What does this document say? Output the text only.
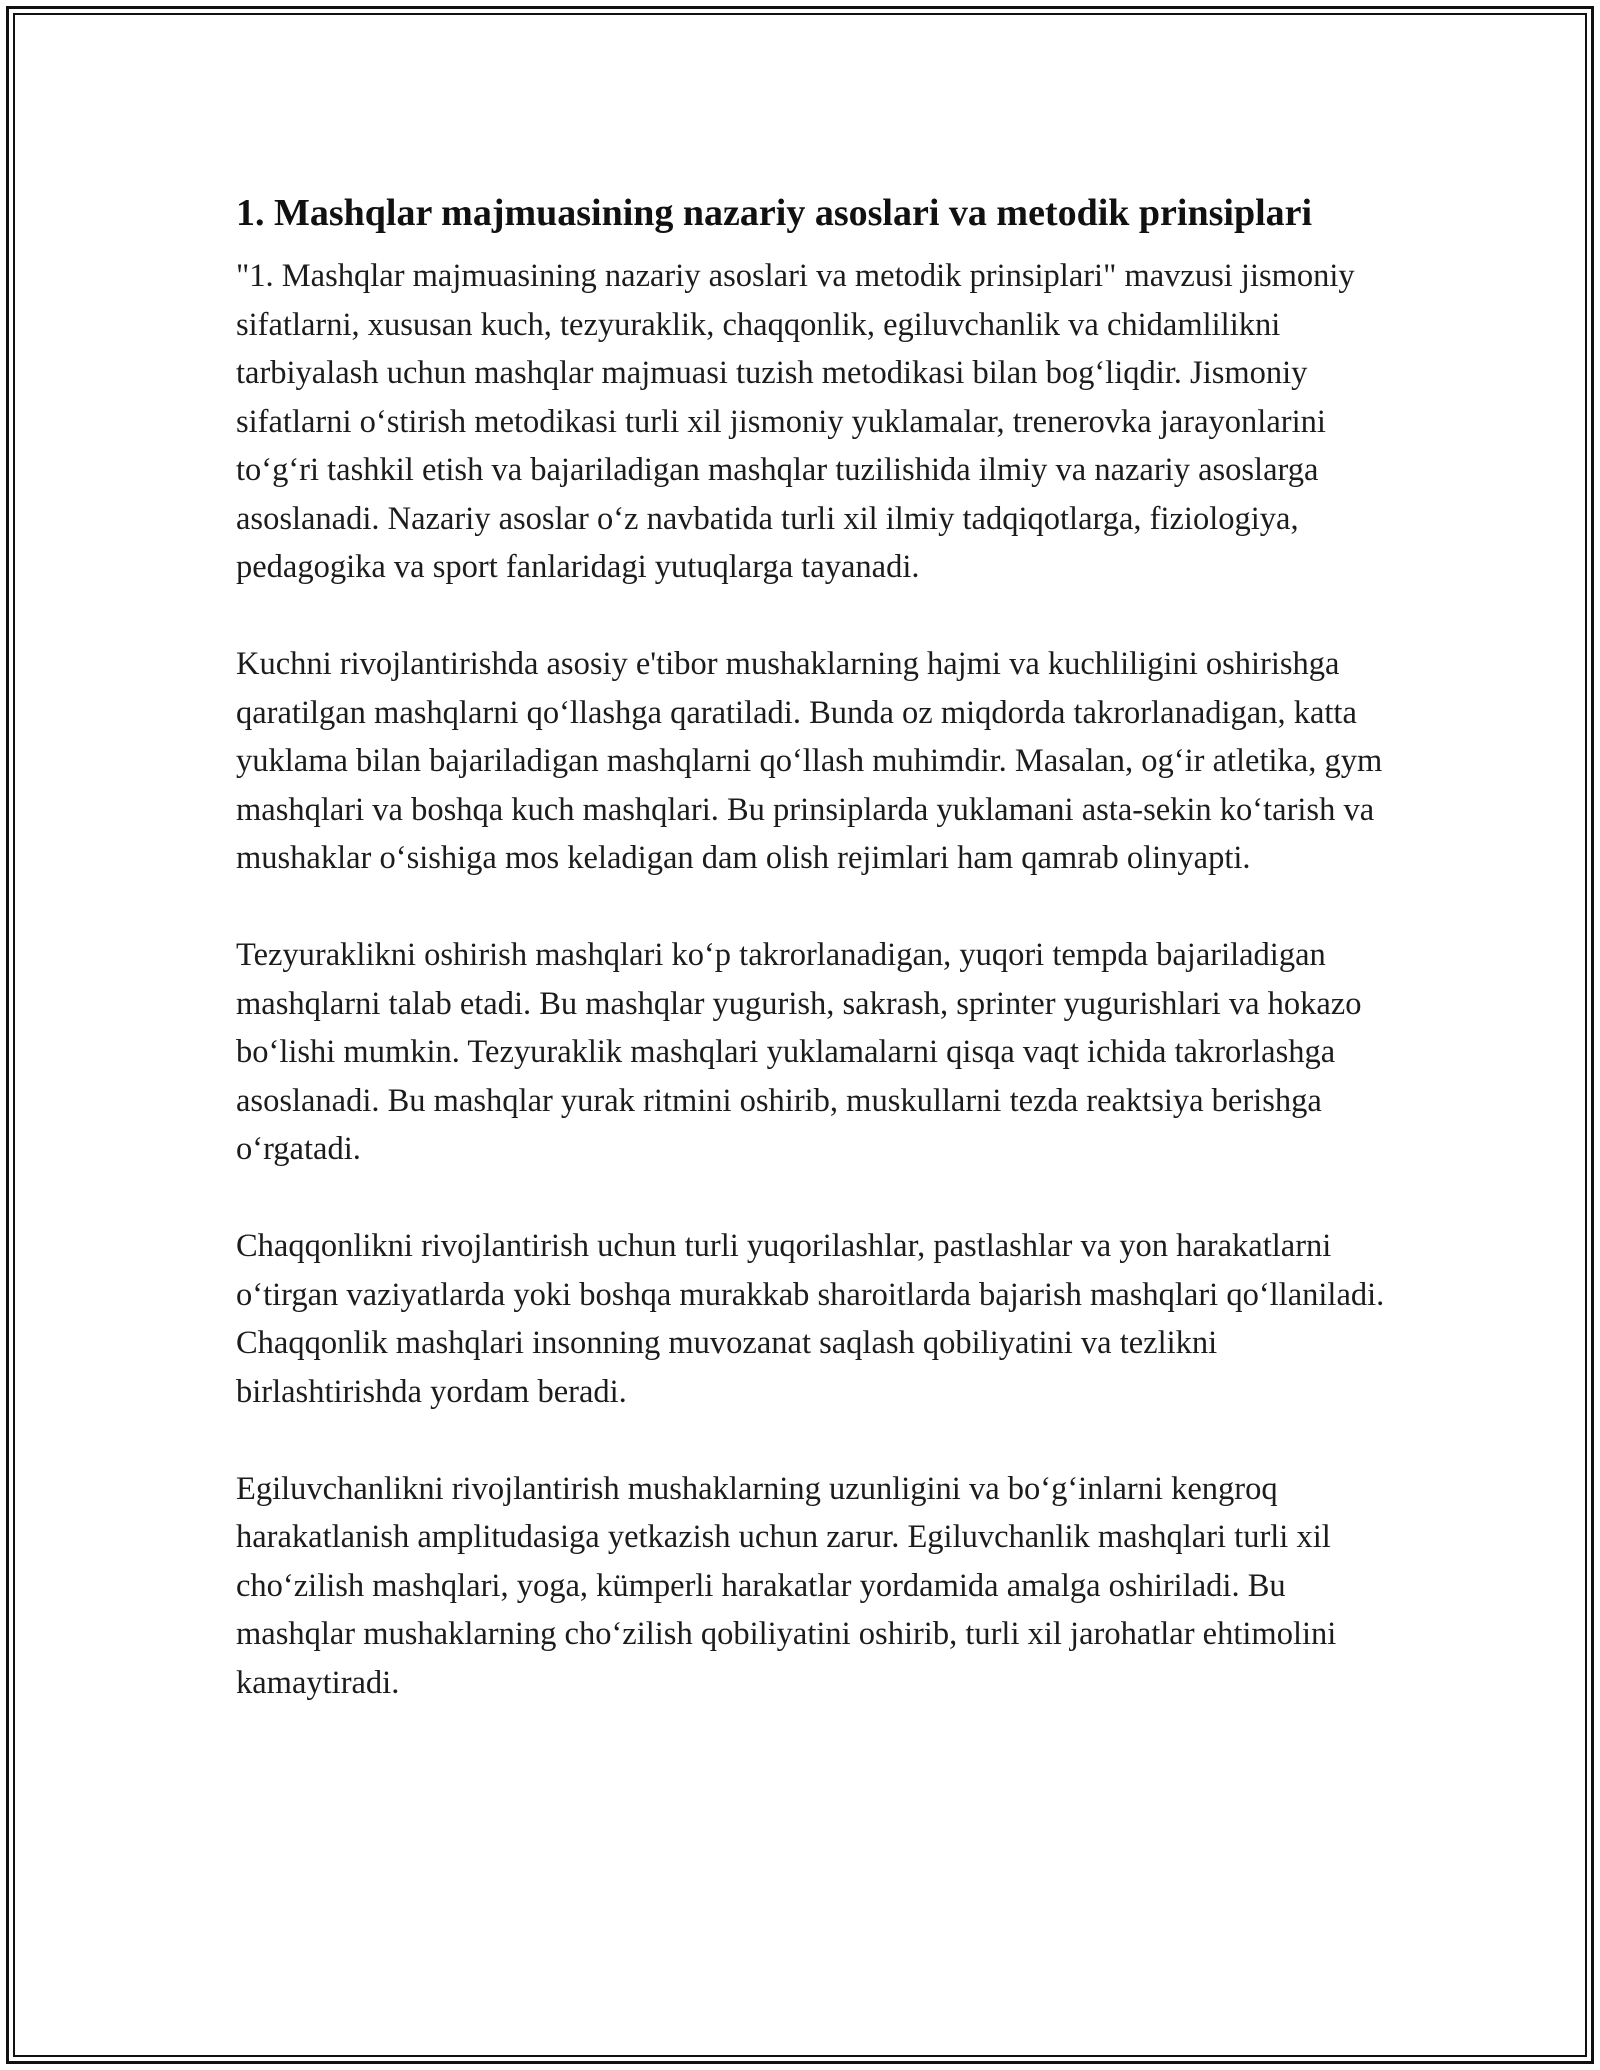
1. Mashqlar majmuasining nazariy asoslari va metodik prinsiplari

"1. Mashqlar majmuasining nazariy asoslari va metodik prinsiplari" mavzusi jismoniy sifatlarni, xususan kuch, tezyuraklik, chaqqonlik, egiluvchanlik va chidamlilikni tarbiyalash uchun mashqlar majmuasi tuzish metodikasi bilan bog‘liqdir. Jismoniy sifatlarni o‘stirish metodikasi turli xil jismoniy yuklamalar, trenerovka jarayonlarini to‘g‘ri tashkil etish va bajariladigan mashqlar tuzilishida ilmiy va nazariy asoslarga asoslanadi. Nazariy asoslar o‘z navbatida turli xil ilmiy tadqiqotlarga, fiziologiya, pedagogika va sport fanlaridagi yutuqlarga tayanadi.

Kuchni rivojlantirishda asosiy e'tibor mushaklarning hajmi va kuchliligini oshirishga qaratilgan mashqlarni qo‘llashga qaratiladi. Bunda oz miqdorda takrorlanadigan, katta yuklama bilan bajariladigan mashqlarni qo‘llash muhimdir. Masalan, og‘ir atletika, gym mashqlari va boshqa kuch mashqlari. Bu prinsiplarda yuklamani asta-sekin ko‘tarish va mushaklar o‘sishiga mos keladigan dam olish rejimlari ham qamrab olinyapti.

Tezyuraklikni oshirish mashqlari ko‘p takrorlanadigan, yuqori tempda bajariladigan mashqlarni talab etadi. Bu mashqlar yugurish, sakrash, sprinter yugurishlari va hokazo bo‘lishi mumkin. Tezyuraklik mashqlari yuklamalarni qisqa vaqt ichida takrorlashga asoslanadi. Bu mashqlar yurak ritmini oshirib, muskullarni tezda reaktsiya berishga o‘rgatadi.

Chaqqonlikni rivojlantirish uchun turli yuqorilashlar, pastlashlar va yon harakatlarni o‘tirgan vaziyatlarda yoki boshqa murakkab sharoitlarda bajarish mashqlari qo‘llaniladi. Chaqqonlik mashqlari insonning muvozanat saqlash qobiliyatini va tezlikni birlashtirishda yordam beradi.

Egiluvchanlikni rivojlantirish mushaklarning uzunligini va bo‘g‘inlarni kengroq harakatlanish amplitudasiga yetkazish uchun zarur. Egiluvchanlik mashqlari turli xil cho‘zilish mashqlari, yoga, kümperli harakatlar yordamida amalga oshiriladi. Bu mashqlar mushaklarning cho‘zilish qobiliyatini oshirib, turli xil jarohatlar ehtimolini kamaytiradi.
